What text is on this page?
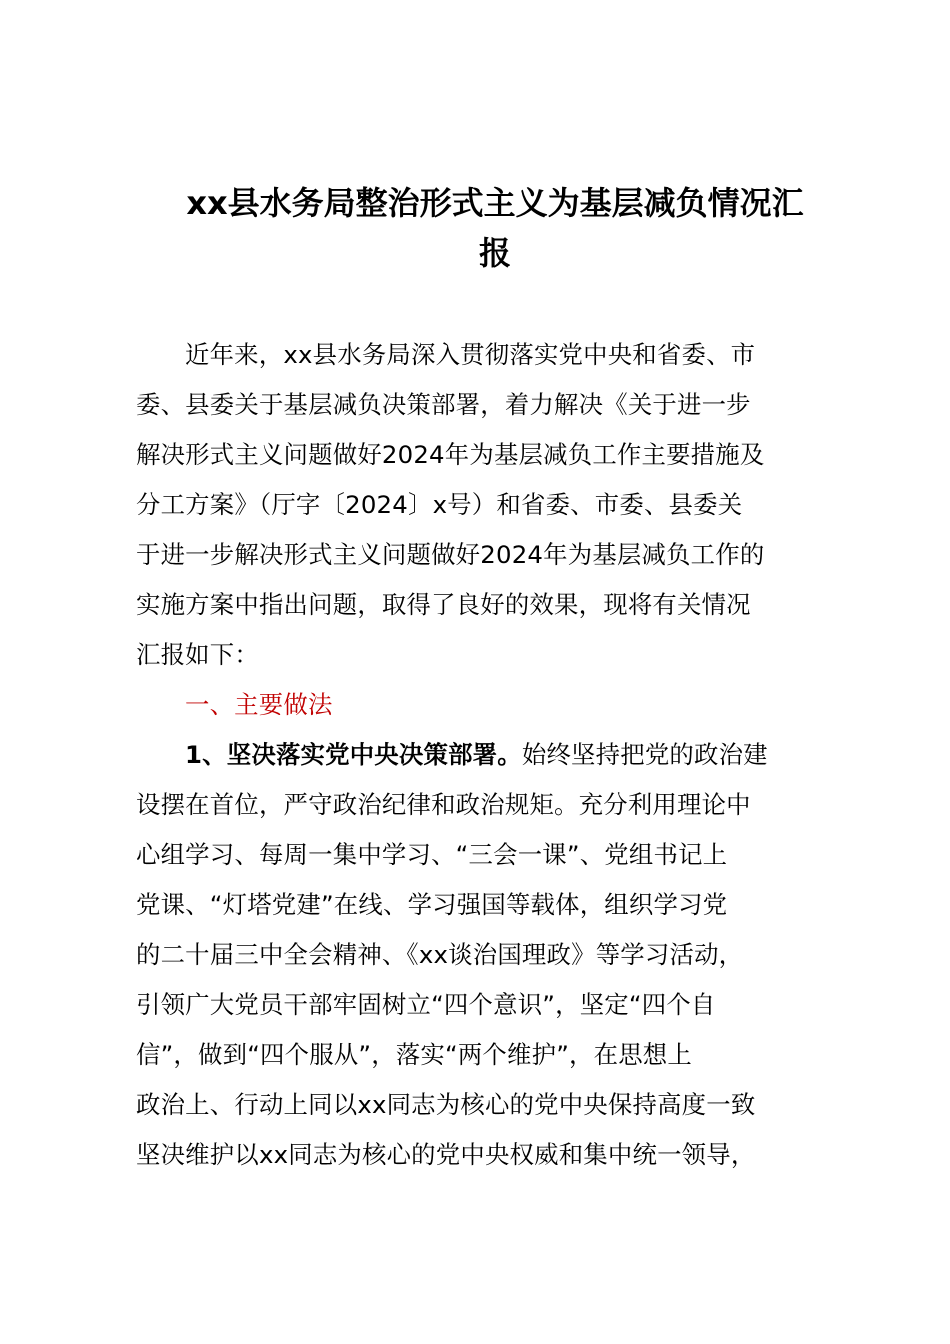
xx县水务局整治形式主义为基层减负情况汇
报
近年来，xx县水务局深入贯彻落实党中央和省委、市
委、县委关于基层减负决策部署，着力解决《关于进一步
解决形式主义问题做好2024年为基层减负工作主要措施及
分工方案》（厅字〔2024〕x号）和省委、市委、县委关
于进一步解决形式主义问题做好2024年为基层减负工作的
实施方案中指出问题，取得了良好的效果，现将有关情况
汇报如下：
一、主要做法
1、坚决落实党中央决策部署。始终坚持把党的政治建
设摆在首位，严守政治纪律和政治规矩。充分利用理论中
心组学习、每周一集中学习、“三会一课”、党组书记上
党课、“灯塔党建”在线、学习强国等载体，组织学习党
的二十届三中全会精神、《xx谈治国理政》等学习活动，
引领广大党员干部牢固树立“四个意识”，坚定“四个自
信”，做到“四个服从”，落实“两个维护”，在思想上
政治上、行动上同以xx同志为核心的党中央保持高度一致
坚决维护以xx同志为核心的党中央权威和集中统一领导，
